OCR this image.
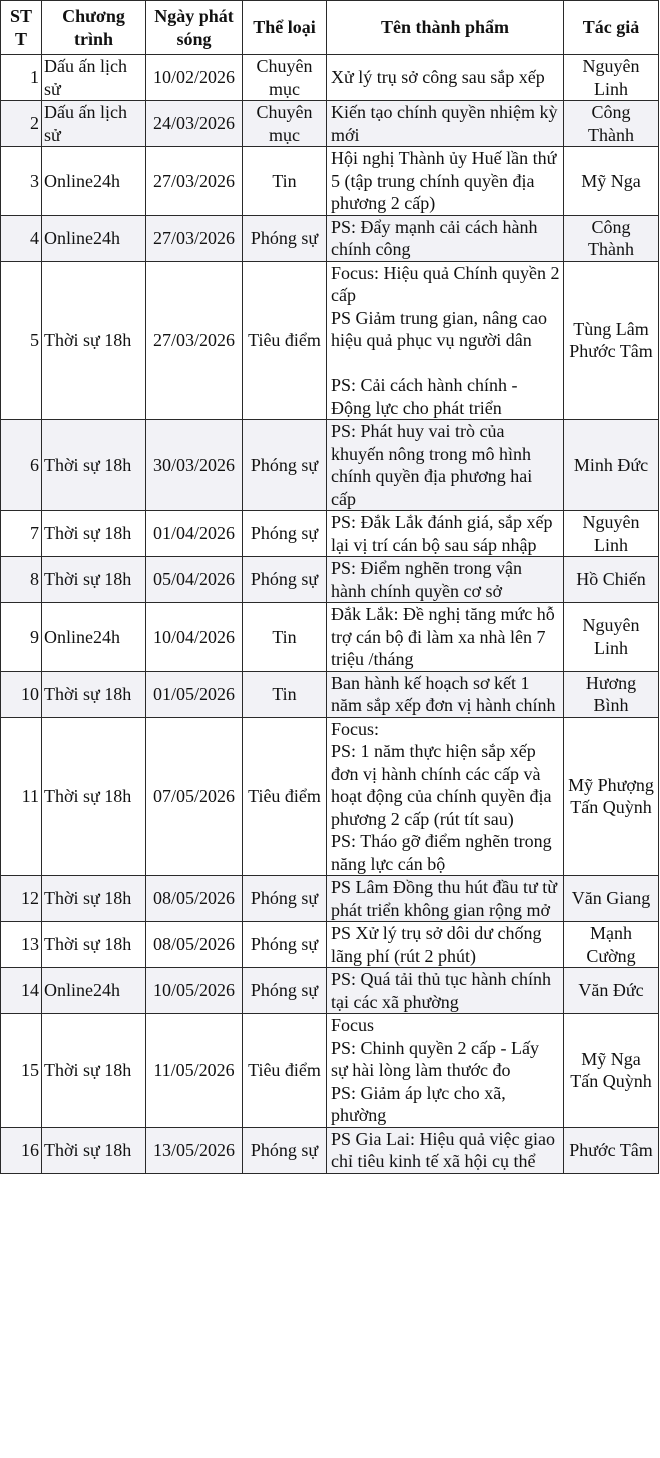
STT	Chương trình	Ngày phát sóng	Thể loại	Tên thành phẩm	Tác giả
1	Dấu ấn lịch sử	10/02/2026	Chuyên mục	Xử lý trụ sở công sau sắp xếp	Nguyên Linh
2	Dấu ấn lịch sử	24/03/2026	Chuyên mục	Kiến tạo chính quyền nhiệm kỳ mới	Công Thành
3	Online24h	27/03/2026	Tin	Hội nghị Thành ủy Huế lần thứ 5 (tập trung chính quyền địa phương 2 cấp)	Mỹ Nga
4	Online24h	27/03/2026	Phóng sự	PS: Đẩy mạnh cải cách hành chính công	Công Thành
5	Thời sự 18h	27/03/2026	Tiêu điểm	Focus: Hiệu quả Chính quyền 2 cấp
PS Giảm trung gian, nâng cao hiệu quả phục vụ người dân

PS: Cải cách hành chính - Động lực cho phát triển	Tùng Lâm Phước Tâm
6	Thời sự 18h	30/03/2026	Phóng sự	PS: Phát huy vai trò của khuyến nông trong mô hình chính quyền địa phương hai cấp	Minh Đức
7	Thời sự 18h	01/04/2026	Phóng sự	PS: Đắk Lắk đánh giá, sắp xếp lại vị trí cán bộ sau sáp nhập	Nguyên Linh
8	Thời sự 18h	05/04/2026	Phóng sự	PS: Điểm nghẽn trong vận hành chính quyền cơ sở	Hồ Chiến
9	Online24h	10/04/2026	Tin	Đắk Lắk: Đề nghị tăng mức hỗ trợ cán bộ đi làm xa nhà lên 7 triệu /tháng	Nguyên Linh
10	Thời sự 18h	01/05/2026	Tin	Ban hành kế hoạch sơ kết 1 năm sắp xếp đơn vị hành chính	Hương Bình
11	Thời sự 18h	07/05/2026	Tiêu điểm	Focus:
PS: 1 năm thực hiện sắp xếp đơn vị hành chính các cấp và hoạt động của chính quyền địa phương 2 cấp (rút tít sau)
PS: Tháo gỡ điểm nghẽn trong năng lực cán bộ	Mỹ Phượng Tấn Quỳnh
12	Thời sự 18h	08/05/2026	Phóng sự	PS Lâm Đồng thu hút đầu tư từ phát triển không gian rộng mở	Văn Giang
13	Thời sự 18h	08/05/2026	Phóng sự	PS Xử lý trụ sở dôi dư chống lãng phí (rút 2 phút)	Mạnh Cường
14	Online24h	10/05/2026	Phóng sự	PS: Quá tải thủ tục hành chính tại các xã phường	Văn Đức
15	Thời sự 18h	11/05/2026	Tiêu điểm	Focus
PS: Chinh quyền 2 cấp - Lấy sự hài lòng làm thước đo
PS: Giảm áp lực cho xã, phường	Mỹ Nga Tấn Quỳnh
16	Thời sự 18h	13/05/2026	Phóng sự	PS Gia Lai: Hiệu quả việc giao chỉ tiêu kinh tế xã hội cụ thể	Phước Tâm
